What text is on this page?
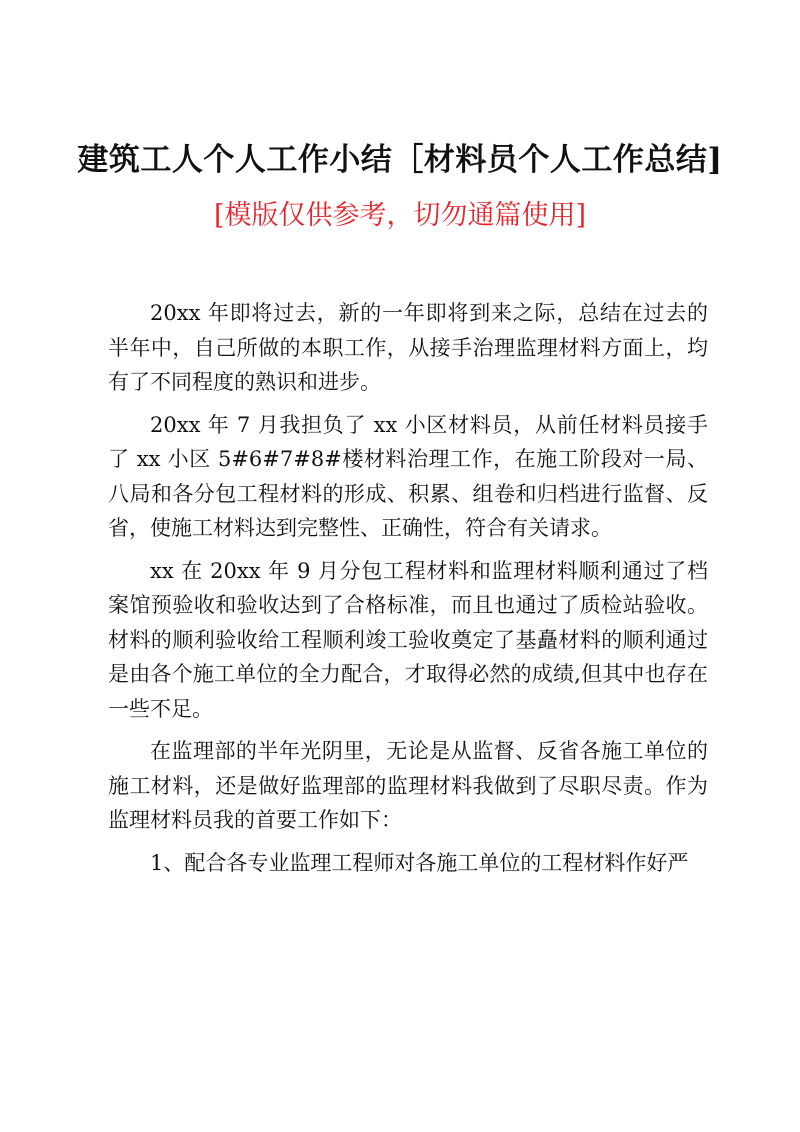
建筑工人个人工作小结［材料员个人工作总结]
[模版仅供参考，切勿通篇使用]

20xx 年即将过去，新的一年即将到来之际，总结在过去的半年中，自己所做的本职工作，从接手治理监理材料方面上，均有了不同程度的熟识和进步。

20xx 年 7 月我担负了 xx 小区材料员，从前任材料员接手了 xx 小区 5#6#7#8#楼材料治理工作，在施工阶段对一局、八局和各分包工程材料的形成、积累、组卷和归档进行监督、反省，使施工材料达到完整性、正确性，符合有关请求。

xx 在 20xx 年 9 月分包工程材料和监理材料顺利通过了档案馆预验收和验收达到了合格标准，而且也通过了质检站验收。材料的顺利验收给工程顺利竣工验收奠定了基矗材料的顺利通过是由各个施工单位的全力配合，才取得必然的成绩,但其中也存在一些不足。

在监理部的半年光阴里，无论是从监督、反省各施工单位的施工材料，还是做好监理部的监理材料我做到了尽职尽责。作为监理材料员我的首要工作如下：

1、配合各专业监理工程师对各施工单位的工程材料作好严
